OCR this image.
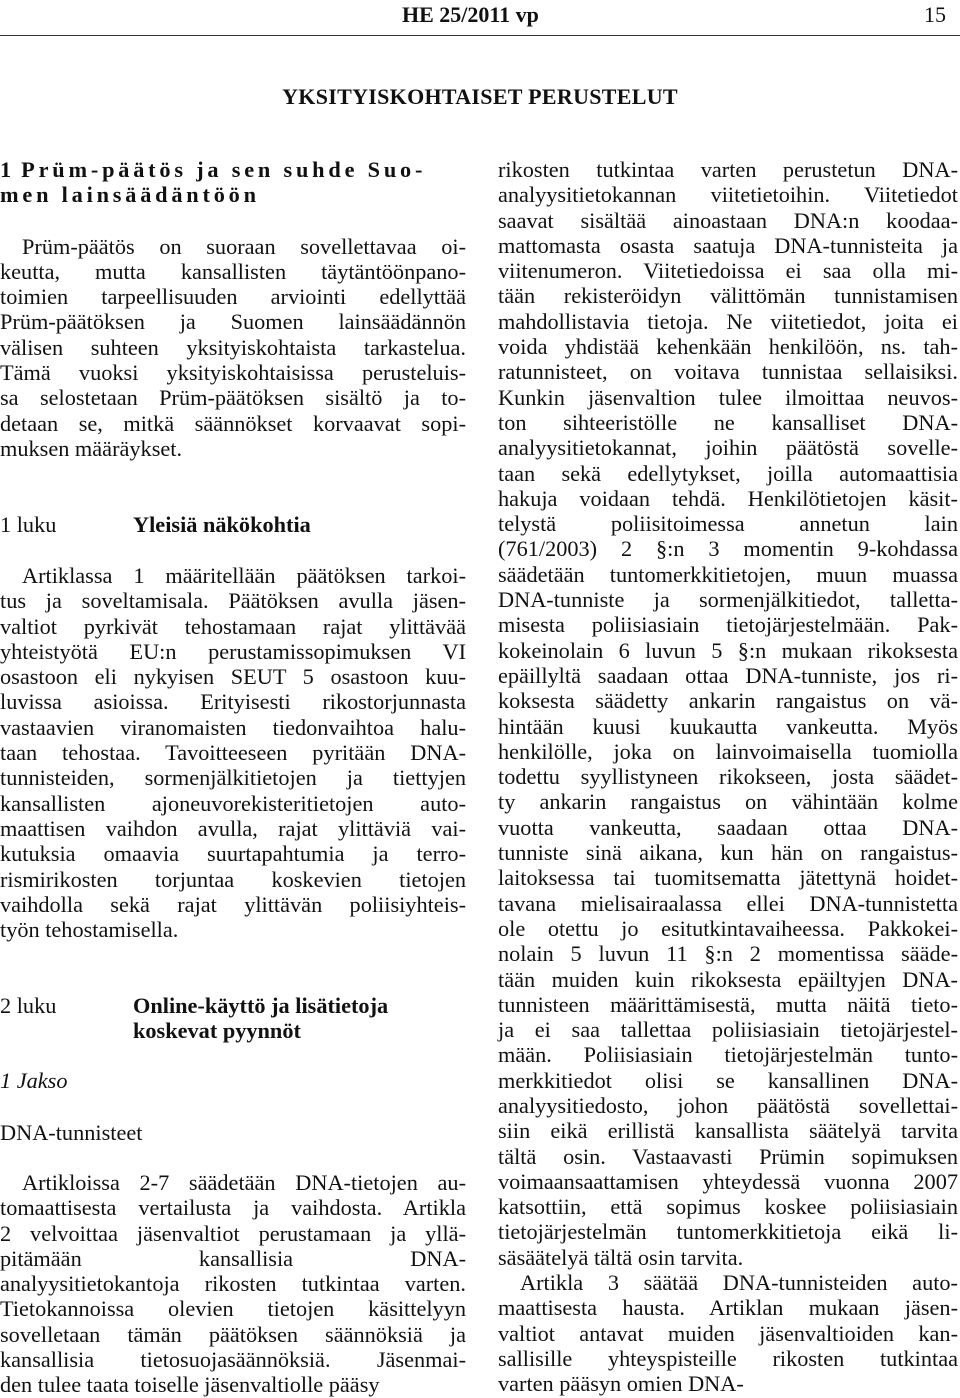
HE 25/2011 vp	15
YKSITYISKOHTAISET PERUSTELUT

1 Prüm-päätös ja sen suhde Suo-

men lainsäädäntöön

Prüm-päätös on suoraan sovellettavaa oi-

keutta, mutta kansallisten täytäntöönpano-

toimien tarpeellisuuden arviointi edellyttää

Prüm-päätöksen ja Suomen lainsäädännön

välisen suhteen yksityiskohtaista tarkastelua.

Tämä vuoksi yksityiskohtaisissa perusteluis-

sa selostetaan Prüm-päätöksen sisältö ja to-

detaan se, mitkä säännökset korvaavat sopi-

muksen määräykset.

1 luku	Yleisiä näkökohtia

Artiklassa 1 määritellään päätöksen tarkoi-

tus ja soveltamisala. Päätöksen avulla jäsen-

valtiot pyrkivät tehostamaan rajat ylittävää

yhteistyötä EU:n perustamissopimuksen VI

osastoon eli nykyisen SEUT 5 osastoon kuu-

luvissa asioissa. Erityisesti rikostorjunnasta

vastaavien viranomaisten tiedonvaihtoa halu-

taan tehostaa. Tavoitteeseen pyritään DNA-

tunnisteiden, sormenjälkitietojen ja tiettyjen

kansallisten ajoneuvorekisteritietojen auto-

maattisen vaihdon avulla, rajat ylittäviä vai-

kutuksia omaavia suurtapahtumia ja terro-

rismirikosten torjuntaa koskevien tietojen

vaihdolla sekä rajat ylittävän poliisiyhteis-

työn tehostamisella.

2 luku	Online-käyttö ja lisätietoja
koskevat pyynnöt
1 Jakso
DNA-tunnisteet

Artikloissa 2-7 säädetään DNA-tietojen au-

tomaattisesta vertailusta ja vaihdosta. Artikla

2 velvoittaa jäsenvaltiot perustamaan ja yllä-

pitämään kansallisia DNA-

analyysitietokantoja rikosten tutkintaa varten.

Tietokannoissa olevien tietojen käsittelyyn

sovelletaan tämän päätöksen säännöksiä ja

kansallisia tietosuojasäännöksiä. Jäsenmai-

den tulee taata toiselle jäsenvaltiolle pääsy

rikosten tutkintaa varten perustetun DNA-

analyysitietokannan viitetietoihin. Viitetiedot

saavat sisältää ainoastaan DNA:n koodaa-

mattomasta osasta saatuja DNA-tunnisteita ja

viitenumeron. Viitetiedoissa ei saa olla mi-

tään rekisteröidyn välittömän tunnistamisen

mahdollistavia tietoja. Ne viitetiedot, joita ei

voida yhdistää kehenkään henkilöön, ns. tah-

ratunnisteet, on voitava tunnistaa sellaisiksi.

Kunkin jäsenvaltion tulee ilmoittaa neuvos-

ton sihteeristölle ne kansalliset DNA-

analyysitietokannat, joihin päätöstä sovelle-

taan sekä edellytykset, joilla automaattisia

hakuja voidaan tehdä. Henkilötietojen käsit-

telystä poliisitoimessa annetun lain

(761/2003) 2 §:n 3 momentin 9-kohdassa

säädetään tuntomerkkitietojen, muun muassa

DNA-tunniste ja sormenjälkitiedot, talletta-

misesta poliisiasiain tietojärjestelmään. Pak-

kokeinolain 6 luvun 5 §:n mukaan rikoksesta

epäillyltä saadaan ottaa DNA-tunniste, jos ri-

koksesta säädetty ankarin rangaistus on vä-

hintään kuusi kuukautta vankeutta. Myös

henkilölle, joka on lainvoimaisella tuomiolla

todettu syyllistyneen rikokseen, josta säädet-

ty ankarin rangaistus on vähintään kolme

vuotta vankeutta, saadaan ottaa DNA-

tunniste sinä aikana, kun hän on rangaistus-

laitoksessa tai tuomitsematta jätettynä hoidet-

tavana mielisairaalassa ellei DNA-tunnistetta

ole otettu jo esitutkintavaiheessa. Pakkokei-

nolain 5 luvun 11 §:n 2 momentissa sääde-

tään muiden kuin rikoksesta epäiltyjen DNA-

tunnisteen määrittämisestä, mutta näitä tieto-

ja ei saa tallettaa poliisiasiain tietojärjestel-

mään. Poliisiasiain tietojärjestelmän tunto-

merkkitiedot olisi se kansallinen DNA-

analyysitiedosto, johon päätöstä sovellettai-

siin eikä erillistä kansallista säätelyä tarvita

tältä osin. Vastaavasti Prümin sopimuksen

voimaansaattamisen yhteydessä vuonna 2007

katsottiin, että sopimus koskee poliisiasiain

tietojärjestelmän tuntomerkkitietoja eikä li-

säsäätelyä tältä osin tarvita.

Artikla 3 säätää DNA-tunnisteiden auto-

maattisesta hausta. Artiklan mukaan jäsen-

valtiot antavat muiden jäsenvaltioiden kan-

sallisille yhteyspisteille rikosten tutkintaa

varten pääsyn omien DNA-
